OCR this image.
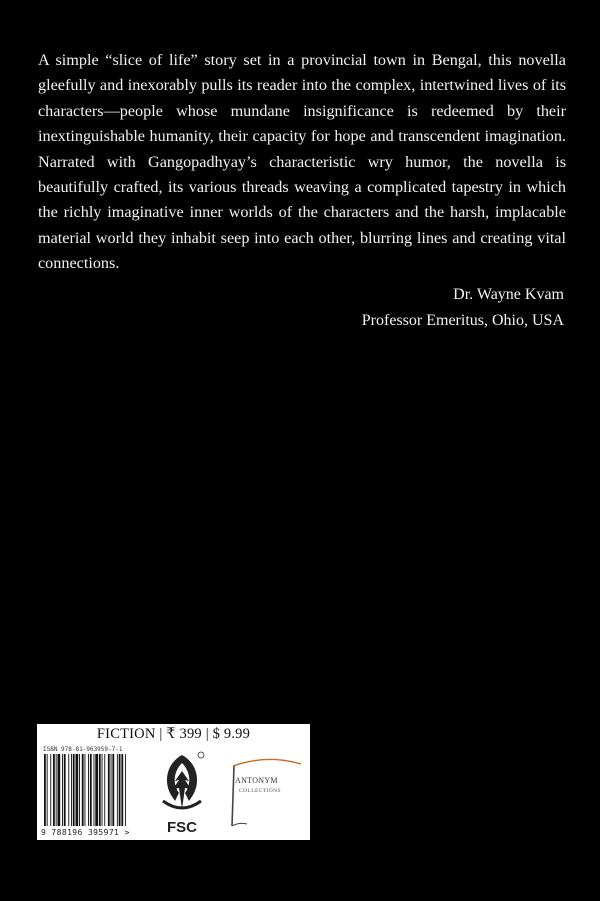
A simple “slice of life” story set in a provincial town in Bengal, this novella gleefully and inexorably pulls its reader into the complex, intertwined lives of its characters—people whose mundane insignificance is redeemed by their inextinguishable humanity, their capacity for hope and transcendent imagination. Narrated with Gangopadhyay’s characteristic wry humor, the novella is beautifully crafted, its various threads weaving a complicated tapestry in which the richly imaginative inner worlds of the characters and the harsh, implacable material world they inhabit seep into each other, blurring lines and creating vital connections.

Dr. Wayne Kvam
Professor Emeritus, Ohio, USA
FICTION | ₹ 399 | $ 9.99
ISBN 978-81-963959-7-1
9 788196 395971 >	FSC
ANTONYM
COLLECTIONS
